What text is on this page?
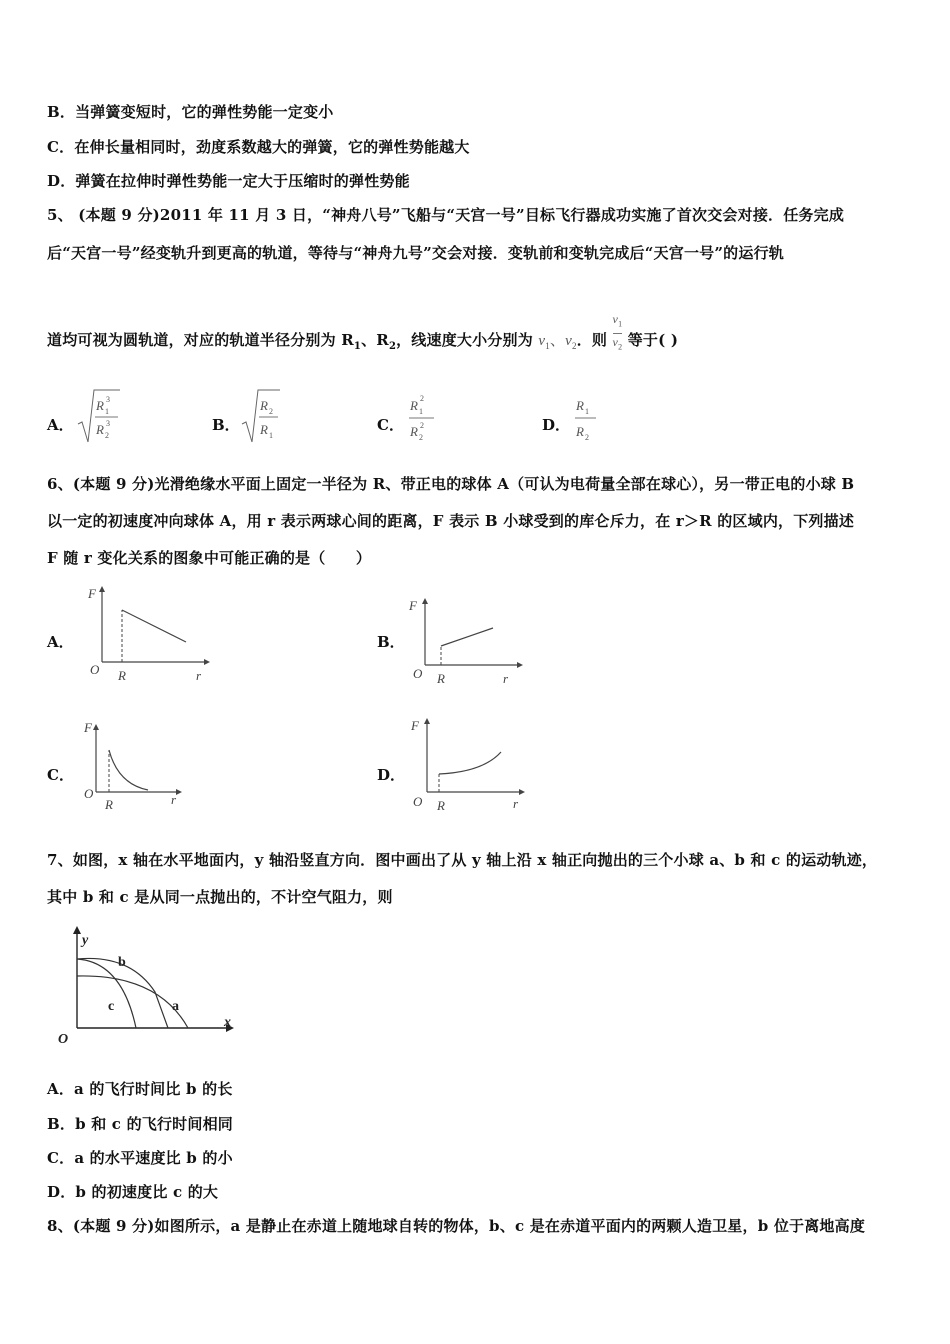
B．当弹簧变短时，它的弹性势能一定变小
C．在伸长量相同时，劲度系数越大的弹簧，它的弹性势能越大
D．弹簧在拉伸时弹性势能一定大于压缩时的弹性势能
5、 (本题 9 分)2011 年 11 月 3 日，“神舟八号”飞船与“天宫一号”目标飞行器成功实施了首次交会对接．任务完成
后“天宫一号”经变轨升到更高的轨道，等待与“神舟九号”交会对接．变轨前和变轨完成后“天宫一号”的运行轨
道均可视为圆轨道，对应的轨道半径分别为 $R_1$、$R_2$，线速度大小分别为 $v_1$、$v_2$．则 $\frac{v_1}{v_2}$ 等于( )
A．
R 1
3
R 2
3	B．
R 2
R 1
C．
R 1
2
R 2
2	D．
R 1
R 2
6、(本题 9 分)光滑绝缘水平面上固定一半径为 R、带正电的球体 A（可认为电荷量全部在球心），另一带正电的小球 B
以一定的初速度冲向球体 A，用 r 表示两球心间的距离，F 表示 B 小球受到的库仑斥力，在 r＞R 的区域内，下列描述
F 随 r 变化关系的图象中可能正确的是（　　）
A．
F
O R	r
B．
F
O R	r
C．
F
O
R	r
D．
F
O R	r
7、如图，x 轴在水平地面内，y 轴沿竖直方向．图中画出了从 y 轴上沿 x 轴正向抛出的三个小球 a、b 和 c 的运动轨迹，
其中 b 和 c 是从同一点抛出的，不计空气阻力，则
y
x
O
b
c	a
A．a 的飞行时间比 b 的长
B．b 和 c 的飞行时间相同
C．a 的水平速度比 b 的小
D．b 的初速度比 c 的大
8、(本题 9 分)如图所示，a 是静止在赤道上随地球自转的物体，b、c 是在赤道平面内的两颗人造卫星，b 位于离地高度
